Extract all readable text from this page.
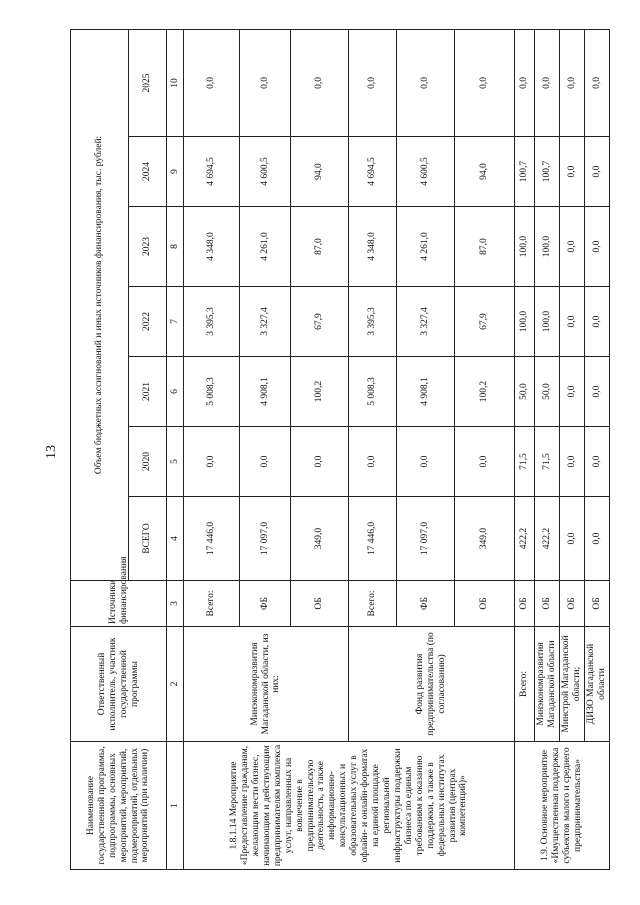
13
Наименование государственной программы, подпрограммы, основных мероприятий, мероприятий, подмероприятий, отдельных мероприятий (при наличии)	Ответственный исполнитель, участник государственной программы	Источники финансирования	Объем бюджетных ассигнований и иных источников финансирования, тыс. рублей:						
			ВСЕГО	2020	2021	2022	2023	2024	2025
1	2	3	4	5	6	7	8	9	10
1.8.1.14 Мероприятие «Предоставление гражданам, желающим вести бизнес, начинающим и действующим предпринимателям комплекса услуг, направленных на вовлечение в предпринимательскую деятельность, а также информационно-консультационных и образовательных услуг в офлайн- и онлайн-форматах на единой площадке региональной инфраструктуры поддержки бизнеса по единым требованиям к оказанию поддержки, а также в федеральных институтах развития (центрах компетенций)»	Минэкономразвития Магаданской области, из них:	Всего:	17 446,0	0,0	5 008,3	3 395,3	4 348,0	4 694,5	0,0
		ФБ	17 097,0	0,0	4 908,1	3 327,4	4 261,0	4 600,5	0,0
		ОБ	349,0	0,0	100,2	67,9	87,0	94,0	0,0
	Фонд развития предпринимательства (по согласованию)	Всего:	17 446,0	0,0	5 008,3	3 395,3	4 348,0	4 694,5	0,0
		ФБ	17 097,0	0,0	4 908,1	3 327,4	4 261,0	4 600,5	0,0
		ОБ	349,0	0,0	100,2	67,9	87,0	94,0	0,0
1.9. Основное мероприятие «Имущественная поддержка субъектов малого и среднего предпринимательства»	Всего:	ОБ	422,2	71,5	50,0	100,0	100,0	100,7	0,0
	Минэкономразвития Магаданской области	ОБ	422,2	71,5	50,0	100,0	100,0	100,7	0,0
	Минстрой Магаданской области;	ОБ	0,0	0,0	0,0	0,0	0,0	0,0	0,0
	ДИЗО Магаданской области	ОБ	0,0	0,0	0,0	0,0	0,0	0,0	0,0
